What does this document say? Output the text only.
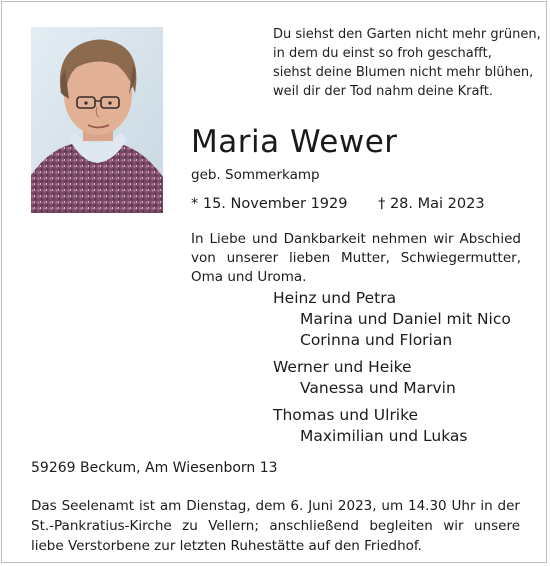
Du siehst den Garten nicht mehr grünen,
in dem du einst so froh geschafft,
siehst deine Blumen nicht mehr blühen,
weil dir der Tod nahm deine Kraft.
Maria Wewer
geb. Sommerkamp
* 15. November 1929 † 28. Mai 2023
In Liebe und Dankbarkeit nehmen wir Abschied von unserer lieben Mutter, Schwiegermutter, Oma und Uroma.
Heinz und Petra
Marina und Daniel mit Nico
Corinna und Florian
Werner und Heike
Vanessa und Marvin
Thomas und Ulrike
Maximilian und Lukas
59269 Beckum, Am Wiesenborn 13
Das Seelenamt ist am Dienstag, dem 6. Juni 2023, um 14.30 Uhr in der St.-Pankratius-Kirche zu Vellern; anschließend begleiten wir unsere liebe Verstorbene zur letzten Ruhestätte auf den Friedhof.
